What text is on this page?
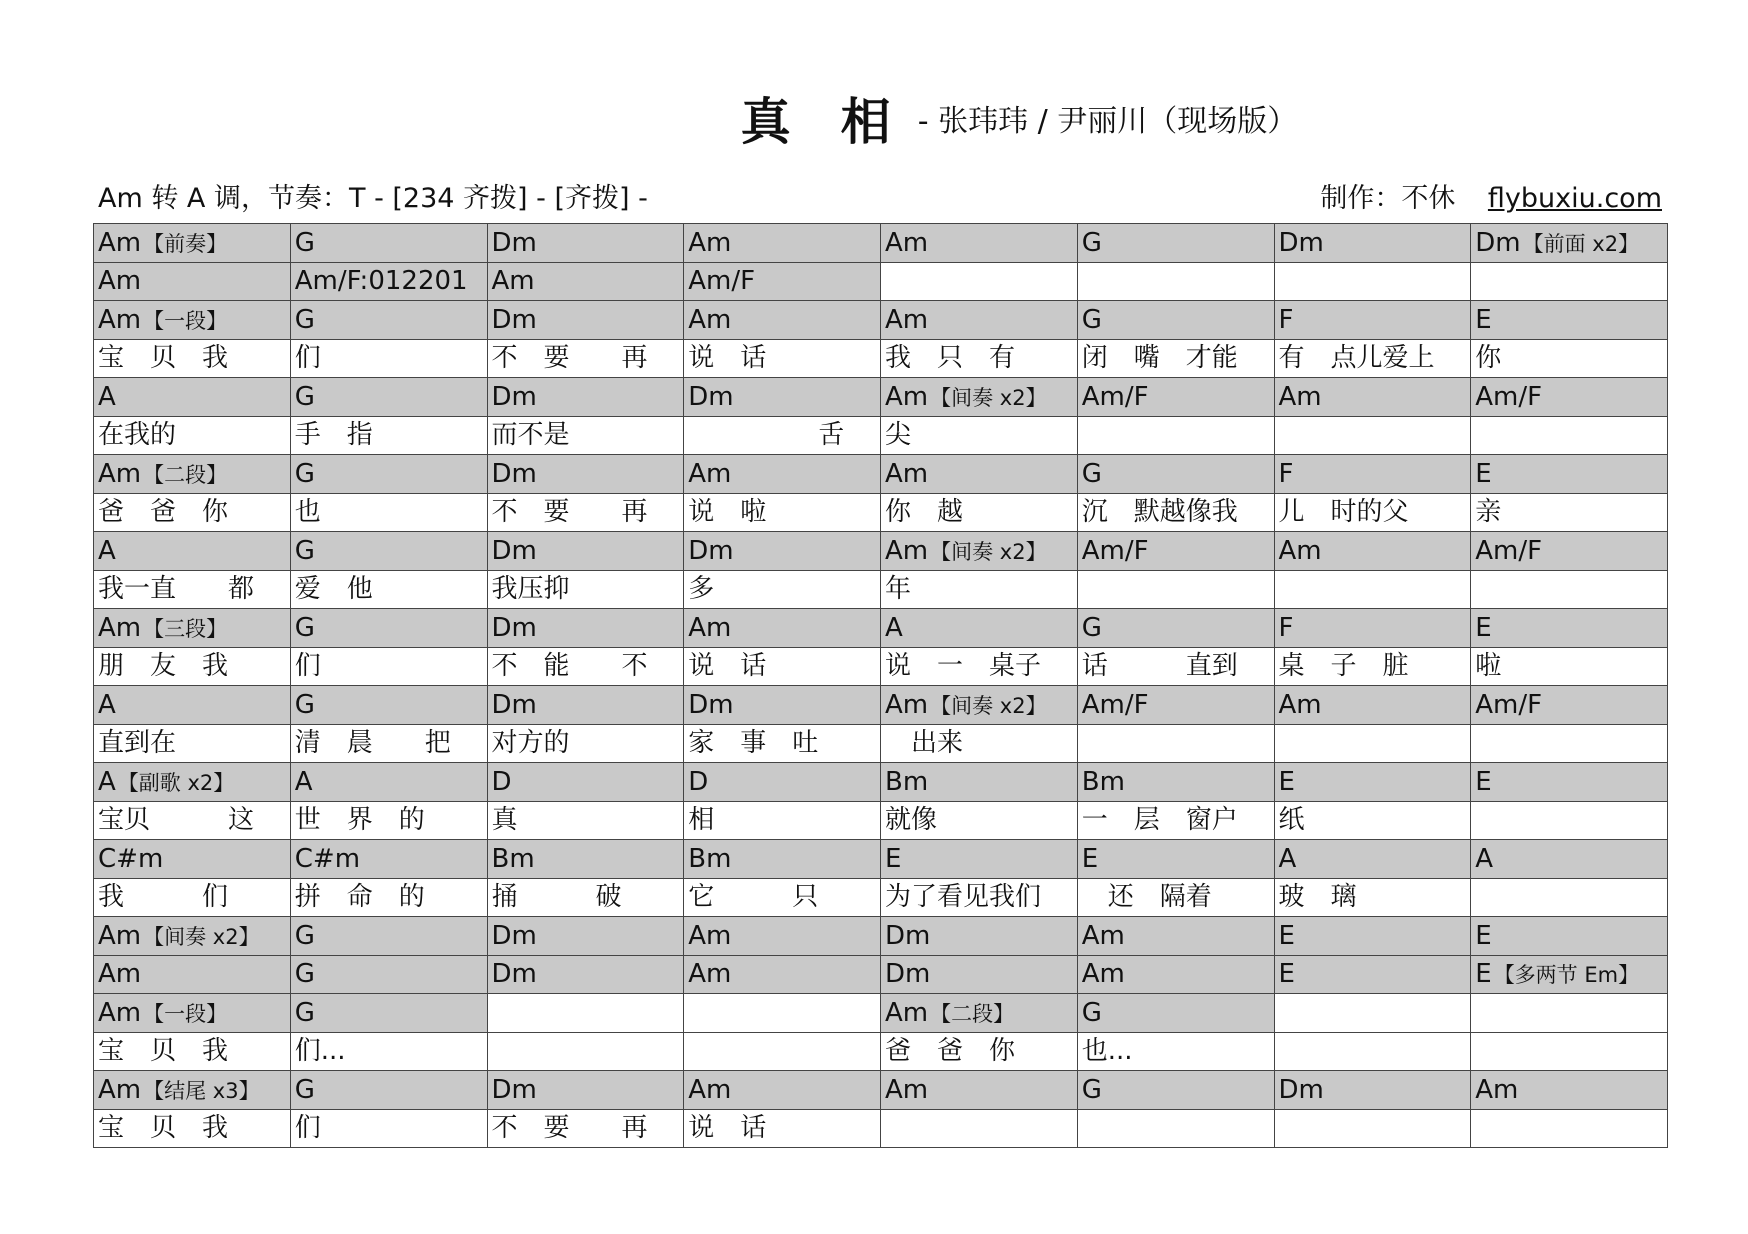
真相 - 张玮玮 / 尹丽川（现场版）
Am 转 A 调，节奏：T - [234 齐拨] - [齐拨] -	制作：不休 flybuxiu.com
Am【前奏】	G	Dm	Am	Am	G	Dm	Dm【前面 x2】
Am	Am/F:012201	Am	Am/F				
Am【一段】	G	Dm	Am	Am	G	F	E

宝　贝　我	们	不　要　　再	说　话	我　只　有	闭　嘴　才能	有　点儿爱上	你

A	G	Dm	Dm	Am【间奏 x2】	Am/F	Am	Am/F

在我的	手　指	而不是	　　　　　舌	尖			

Am【二段】	G	Dm	Am	Am	G	F	E

爸　爸　你	也	不　要　　再	说　啦	你　越	沉　默越像我	儿　时的父	亲

A	G	Dm	Dm	Am【间奏 x2】	Am/F	Am	Am/F

我一直　　都	爱　他	我压抑	多	年			

Am【三段】	G	Dm	Am	A	G	F	E

朋　友　我	们	不　能　　不	说　话	说　一　桌子	话　　　直到	桌　子　脏	啦

A	G	Dm	Dm	Am【间奏 x2】	Am/F	Am	Am/F

直到在	清　晨　　把	对方的	家　事　吐	　出来			

A【副歌 x2】	A	D	D	Bm	Bm	E	E

宝贝　　　这	世　界　的	真	相	就像	一　层　窗户	纸	

C#m	C#m	Bm	Bm	E	E	A	A

我　　　们	拼　命　的	捅　　　破	它　　　只	为了看见我们	　还　隔着	玻　璃	

Am【间奏 x2】	G	Dm	Am	Dm	Am	E	E
Am	G	Dm	Am	Dm	Am	E	E【多两节 Em】
Am【一段】	G			Am【二段】	G		

宝　贝　我	们...			爸　爸　你	也...		

Am【结尾 x3】	G	Dm	Am	Am	G	Dm	Am

宝　贝　我	们	不　要　　再	说　话				
